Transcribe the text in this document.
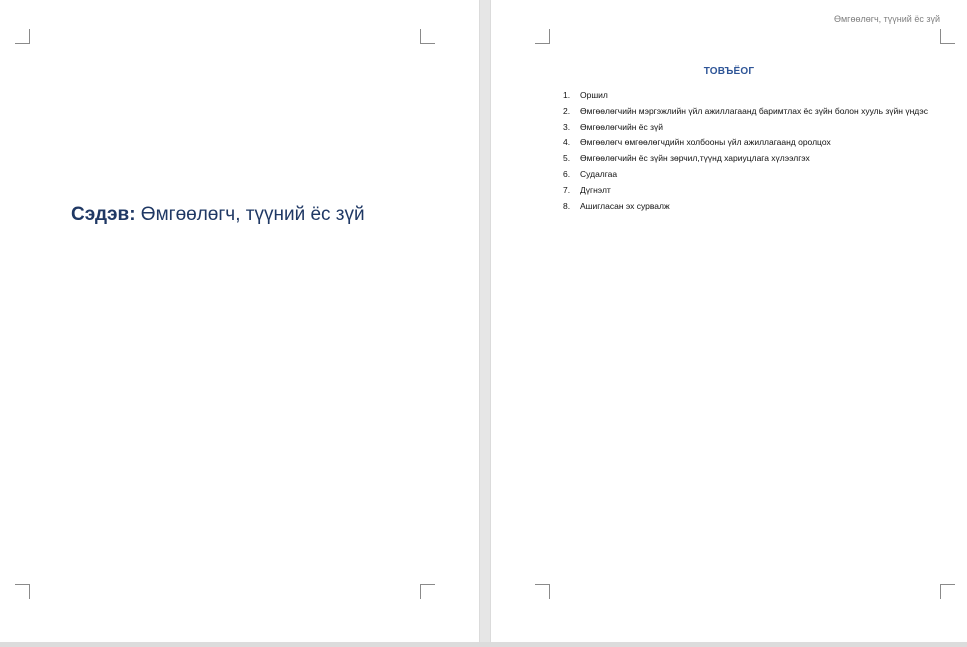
Сэдэв: Өмгөөлөгч, түүний ёс зүй
Өмгөөлөгч, түүний ёс зүй
ТОВЪЁОГ
1.	Оршил
2.	Өмгөөлөгчийн мэргэжлийн үйл ажиллагаанд баримтлах ёс зүйн болон хууль зүйн үндэс
3.	Өмгөөлөгчийн ёс зүй
4.	Өмгөөлөгч өмгөөлөгчдийн холбооны үйл ажиллагаанд оролцох
5.	Өмгөөлөгчийн ёс зүйн зөрчил,түүнд хариуцлага хүлээлгэх
6.	Судалгаа
7.	Дүгнэлт
8.	Ашигласан эх сурвалж
